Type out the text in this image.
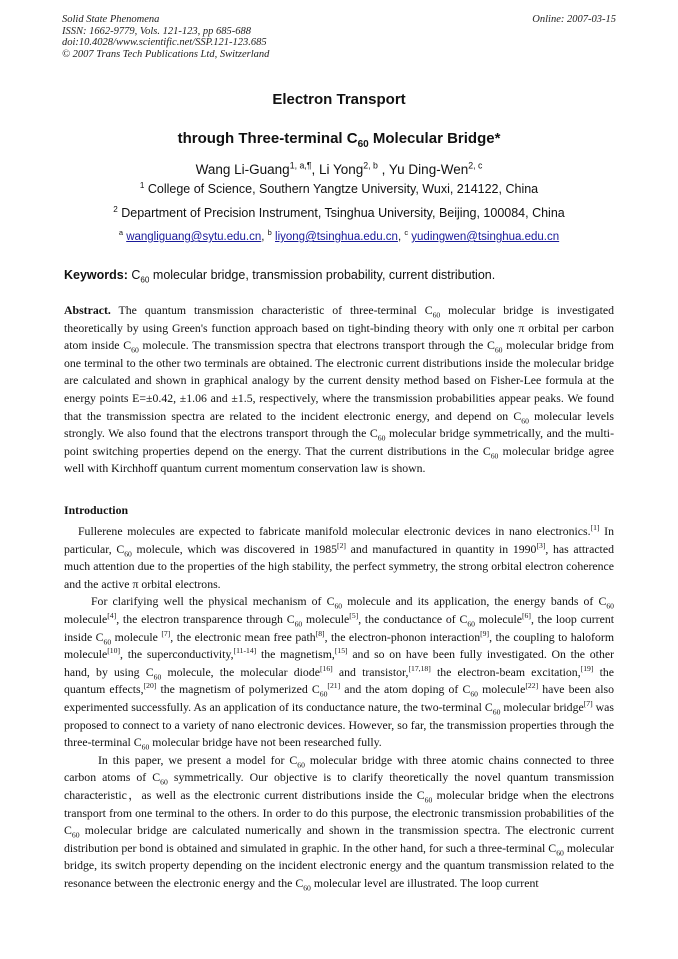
Solid State Phenomena
ISSN: 1662-9779, Vols. 121-123, pp 685-688
doi:10.4028/www.scientific.net/SSP.121-123.685
© 2007 Trans Tech Publications Ltd, Switzerland
Online: 2007-03-15
Electron Transport
through Three-terminal $C_{60}$ Molecular Bridge*
Wang Li-Guang$^{1, a,\P}$, Li Yong$^{2, b}$ , Yu Ding-Wen$^{2, c}$
$^1$ College of Science, Southern Yangtze University, Wuxi, 214122, China
$^2$ Department of Precision Instrument, Tsinghua University, Beijing, 100084, China
$^a$ wangliguang@sytu.edu.cn, $^b$ liyong@tsinghua.edu.cn, $^c$ yudingwen@tsinghua.edu.cn
Keywords: $C_{60}$ molecular bridge, transmission probability, current distribution.
Abstract. The quantum transmission characteristic of three-terminal $C_{60}$ molecular bridge is investigated theoretically by using Green's function approach based on tight-binding theory with only one π orbital per carbon atom inside $C_{60}$ molecule. The transmission spectra that electrons transport through the $C_{60}$ molecular bridge from one terminal to the other two terminals are obtained. The electronic current distributions inside the molecular bridge are calculated and shown in graphical analogy by the current density method based on Fisher-Lee formula at the energy points E=±0.42, ±1.06 and ±1.5, respectively, where the transmission probabilities appear peaks. We found that the transmission spectra are related to the incident electronic energy, and depend on $C_{60}$ molecular levels strongly. We also found that the electrons transport through the $C_{60}$ molecular bridge symmetrically, and the multi-point switching properties depend on the energy. That the current distributions in the $C_{60}$ molecular bridge agree well with Kirchhoff quantum current momentum conservation law is shown.
Introduction

Fullerene molecules are expected to fabricate manifold molecular electronic devices in nano electronics.[1] In particular, $C_{60}$ molecule, which was discovered in 1985[2] and manufactured in quantity in 1990[3], has attracted much attention due to the properties of the high stability, the perfect symmetry, the strong orbital electron coherence and the active π orbital electrons.

For clarifying well the physical mechanism of $C_{60}$ molecule and its application, the energy bands of $C_{60}$ molecule[4], the electron transparence through $C_{60}$ molecule[5], the conductance of $C_{60}$ molecule[6], the loop current inside $C_{60}$ molecule [7], the electronic mean free path[8], the electron-phonon interaction[9], the coupling to haloform molecule[10], the superconductivity,[11-14] the magnetism,[15] and so on have been fully investigated. On the other hand, by using $C_{60}$ molecule, the molecular diode[16] and transistor,[17,18] the electron-beam excitation,[19] the quantum effects,[20] the magnetism of polymerized $C_{60}[21]$ and the atom doping of $C_{60}$ molecule[22] have been also experimented successfully. As an application of its conductance nature, the two-terminal $C_{60}$ molecular bridge[7] was proposed to connect to a variety of nano electronic devices. However, so far, the transmission properties through the three-terminal $C_{60}$ molecular bridge have not been researched fully.

In this paper, we present a model for $C_{60}$ molecular bridge with three atomic chains connected to three carbon atoms of $C_{60}$ symmetrically. Our objective is to clarify theoretically the novel quantum transmission characteristic，as well as the electronic current distributions inside the $C_{60}$ molecular bridge when the electrons transport from one terminal to the others. In order to do this purpose, the electronic transmission probabilities of the $C_{60}$ molecular bridge are calculated numerically and shown in the transmission spectra. The electronic current distribution per bond is obtained and simulated in graphic. In the other hand, for such a three-terminal $C_{60}$ molecular bridge, its switch property depending on the incident electronic energy and the quantum transmission related to the resonance between the electronic energy and the $C_{60}$ molecular level are illustrated. The loop current
